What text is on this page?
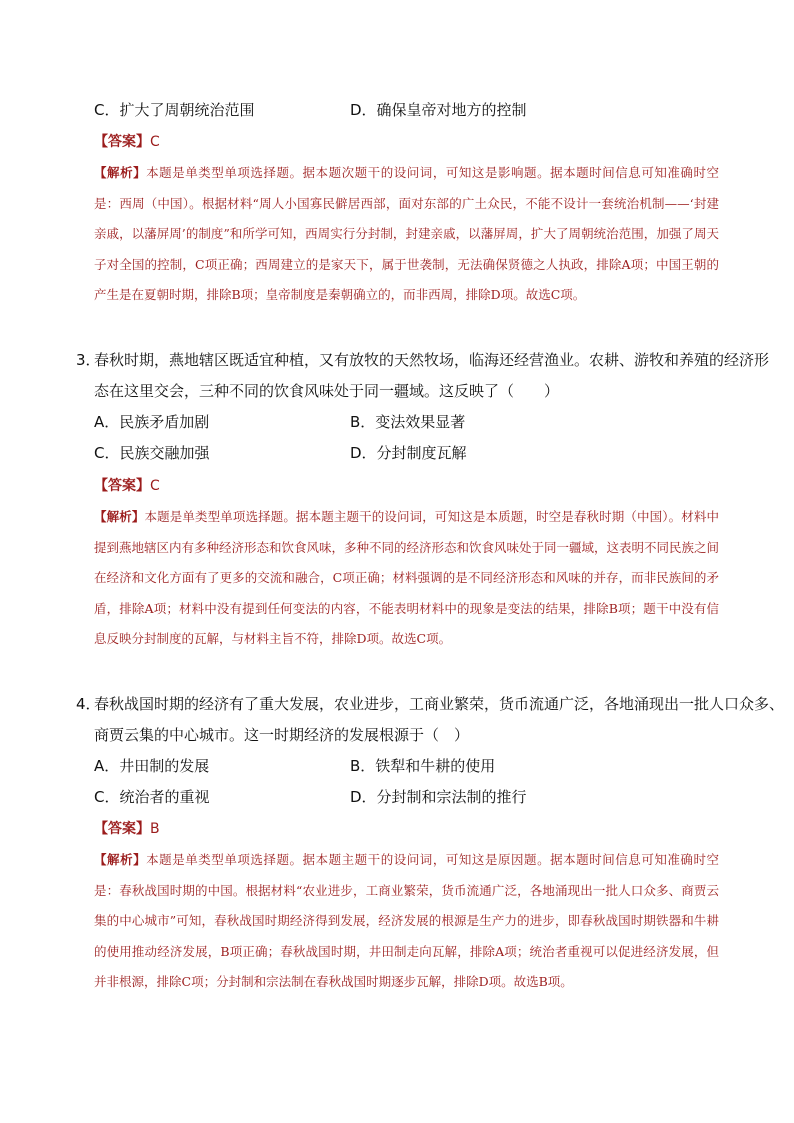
C．扩大了周朝统治范围	D．确保皇帝对地方的控制
【答案】C
【解析】本题是单类型单项选择题。据本题次题干的设问词，可知这是影响题。据本题时间信息可知准确时空是：西周（中国）。根据材料“周人小国寡民僻居西部，面对东部的广土众民，不能不设计一套统治机制——‘封建亲戚，以藩屏周’的制度”和所学可知，西周实行分封制，封建亲戚，以藩屏周，扩大了周朝统治范围，加强了周天子对全国的控制，C项正确；西周建立的是家天下，属于世袭制，无法确保贤德之人执政，排除A项；中国王朝的产生是在夏朝时期，排除B项；皇帝制度是秦朝确立的，而非西周，排除D项。故选C项。
3．
春秋时期，燕地辖区既适宜种植，又有放牧的天然牧场，临海还经营渔业。农耕、游牧和养殖的经济形
态在这里交会，三种不同的饮食风味处于同一疆域。这反映了（　　）
A．民族矛盾加剧	B．变法效果显著
C．民族交融加强	D．分封制度瓦解
【答案】C
【解析】本题是单类型单项选择题。据本题主题干的设问词，可知这是本质题，时空是春秋时期（中国）。材料中提到燕地辖区内有多种经济形态和饮食风味，多种不同的经济形态和饮食风味处于同一疆域，这表明不同民族之间在经济和文化方面有了更多的交流和融合，C项正确；材料强调的是不同经济形态和风味的并存，而非民族间的矛盾，排除A项；材料中没有提到任何变法的内容，不能表明材料中的现象是变法的结果，排除B项；题干中没有信息反映分封制度的瓦解，与材料主旨不符，排除D项。故选C项。
4．
春秋战国时期的经济有了重大发展，农业进步，工商业繁荣，货币流通广泛，各地涌现出一批人口众多、
商贾云集的中心城市。这一时期经济的发展根源于（　）
A．井田制的发展	B．铁犁和牛耕的使用
C．统治者的重视	D．分封制和宗法制的推行
【答案】B
【解析】本题是单类型单项选择题。据本题主题干的设问词，可知这是原因题。据本题时间信息可知准确时空是：春秋战国时期的中国。根据材料“农业进步，工商业繁荣，货币流通广泛，各地涌现出一批人口众多、商贾云集的中心城市”可知，春秋战国时期经济得到发展，经济发展的根源是生产力的进步，即春秋战国时期铁器和牛耕的使用推动经济发展，B项正确；春秋战国时期，井田制走向瓦解，排除A项；统治者重视可以促进经济发展，但并非根源，排除C项；分封制和宗法制在春秋战国时期逐步瓦解，排除D项。故选B项。
